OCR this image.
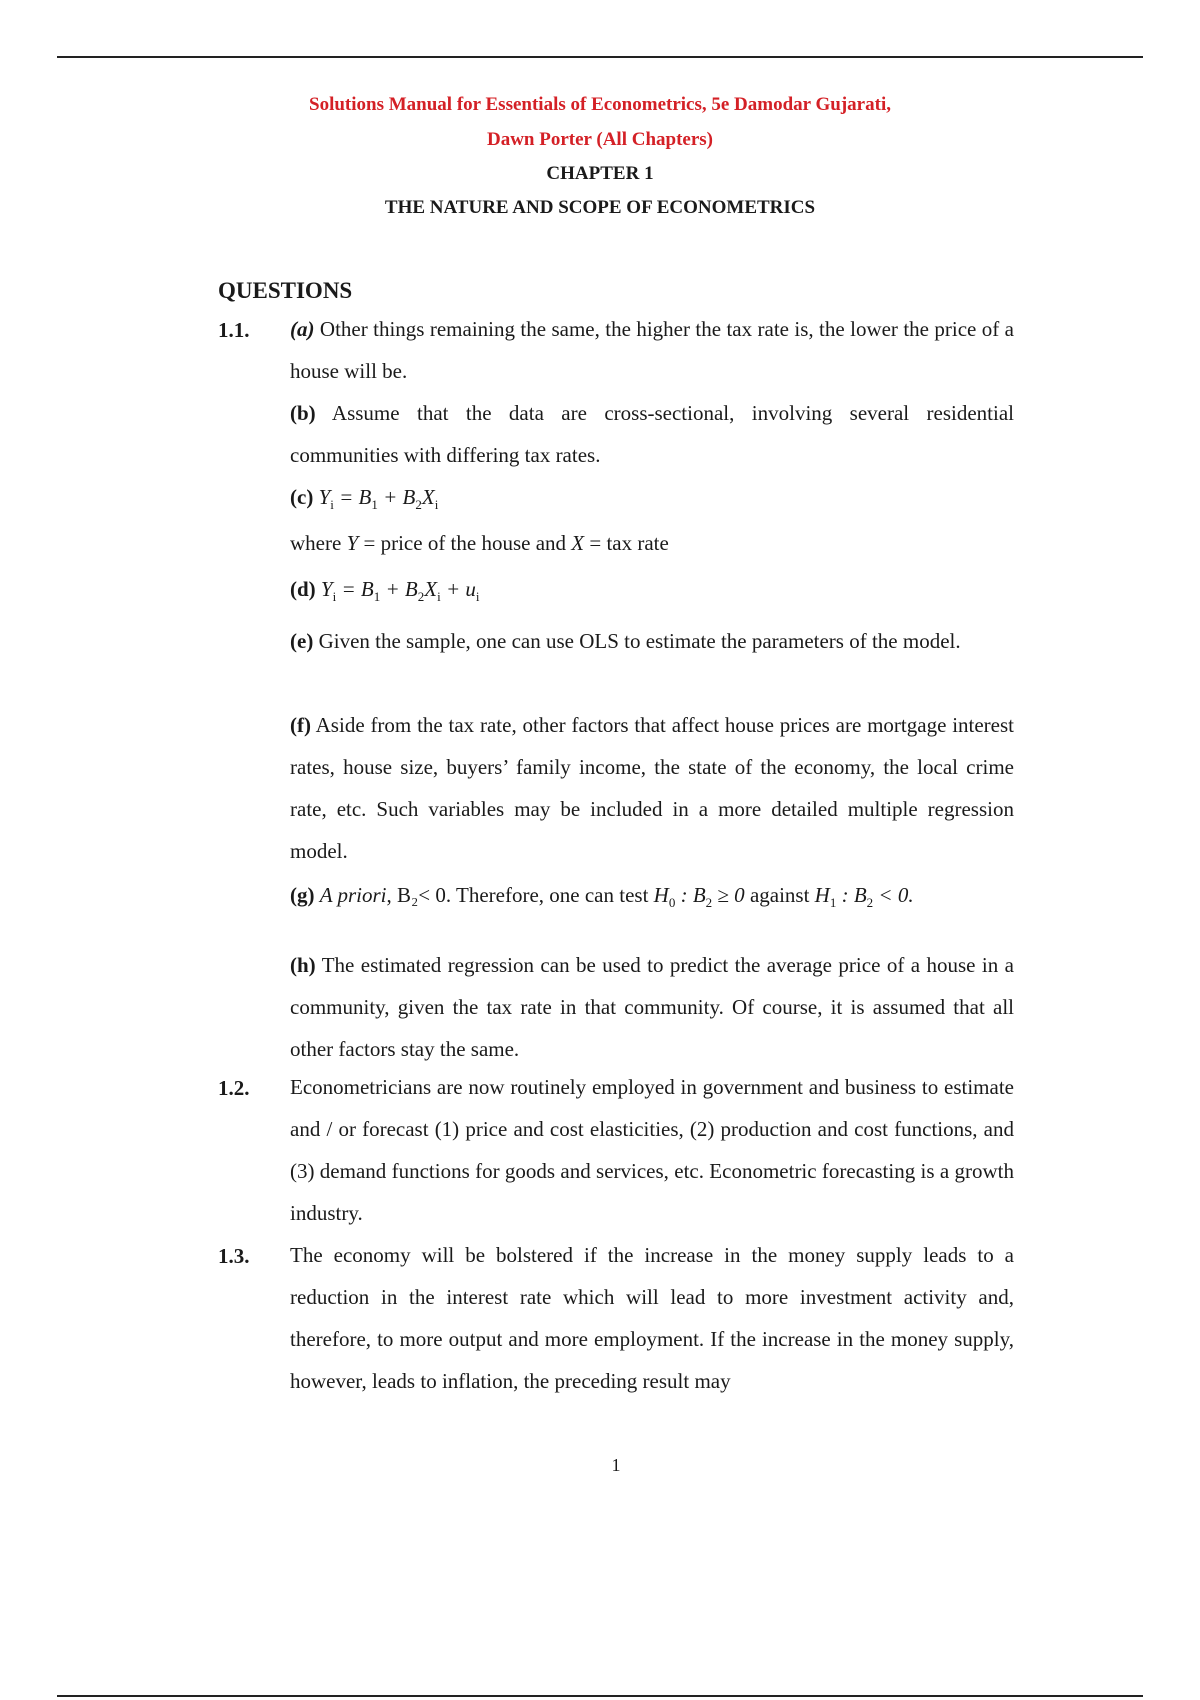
Solutions Manual for Essentials of Econometrics, 5e Damodar Gujarati,
Dawn Porter (All Chapters)
CHAPTER 1
THE NATURE AND SCOPE OF ECONOMETRICS
QUESTIONS
1.1. (a) Other things remaining the same, the higher the tax rate is, the lower the price of a house will be.
(b) Assume that the data are cross-sectional, involving several residential communities with differing tax rates.
(c) $Y_i = B_1 + B_2X_i$
where Y = price of the house and X = tax rate
(d) $Y_i = B_1 + B_2X_i + u_i$
(e) Given the sample, one can use OLS to estimate the parameters of the model.
(f) Aside from the tax rate, other factors that affect house prices are mortgage interest rates, house size, buyers’ family income, the state of the economy, the local crime rate, etc. Such variables may be included in a more detailed multiple regression model.
(g) A priori, B₂< 0. Therefore, one can test $H_0$ : $B_2 \ge 0$ against $H_1$ : $B_2 < 0$.
(h) The estimated regression can be used to predict the average price of a house in a community, given the tax rate in that community. Of course, it is assumed that all other factors stay the same.
1.2. Econometricians are now routinely employed in government and business to estimate and / or forecast (1) price and cost elasticities, (2) production and cost functions, and (3) demand functions for goods and services, etc. Econometric forecasting is a growth industry.
1.3. The economy will be bolstered if the increase in the money supply leads to a reduction in the interest rate which will lead to more investment activity and, therefore, to more output and more employment. If the increase in the money supply, however, leads to inflation, the preceding result may
1
